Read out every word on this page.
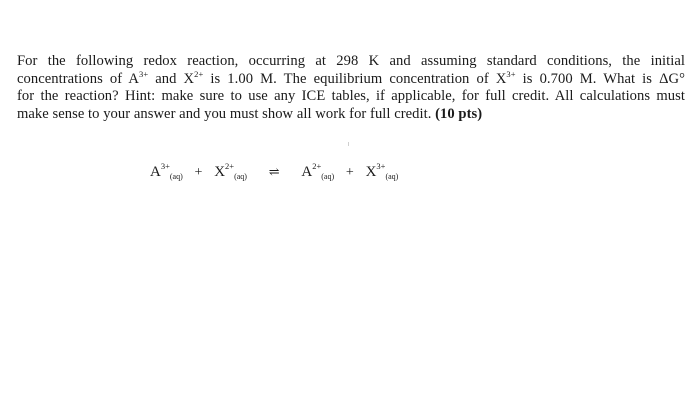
For the following redox reaction, occurring at 298 K and assuming standard conditions, the initial
concentrations of $A^{3+}$ and $X^{2+}$ is 1.00 M. The equilibrium concentration of $X^{3+}$ is 0.700 M. What is ΔG°
for the reaction? Hint: make sure to use any ICE tables, if applicable, for full credit. All calculations must
make sense to your answer and you must show all work for full credit. (10 pts)
$A^{3+}_{(aq)} + X^{2+}_{(aq)}$ ⇌ $A^{2+}_{(aq)} + X^{3+}_{(aq)}$
